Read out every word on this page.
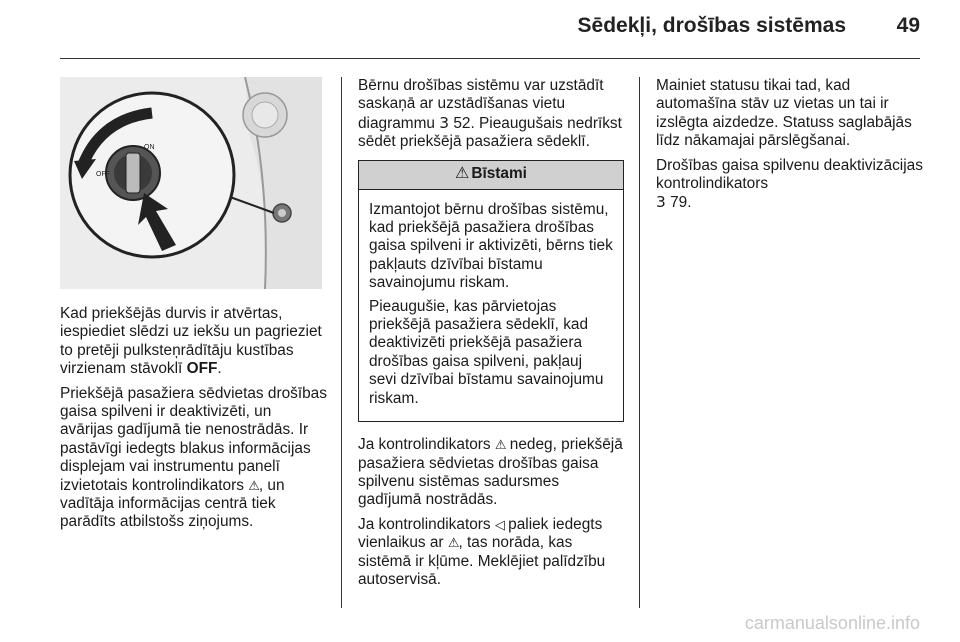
Sēdekļi, drošības sistēmas 49
ON
OFF

Kad priekšējās durvis ir atvērtas, iespiediet slēdzi uz iekšu un pagrieziet to pretēji pulksteņrādītāju kustības virzienam stāvoklī OFF.

Priekšējā pasažiera sēdvietas drošības gaisa spilveni ir deaktivizēti, un avārijas gadījumā tie nenostrādās. Ir pastāvīgi iedegts blakus informācijas displejam vai instrumentu panelī izvietotais kontrolindikators ⚠, un vadītāja informācijas centrā tiek parādīts atbilstošs ziņojums.

Bērnu drošības sistēmu var uzstādīt saskaņā ar uzstādīšanas vietu diagrammu 3 52. Pieaugušais nedrīkst sēdēt priekšējā pasažiera sēdeklī.

⚠ Bīstami

Izmantojot bērnu drošības sistēmu, kad priekšējā pasažiera drošības gaisa spilveni ir aktivizēti, bērns tiek pakļauts dzīvībai bīstamu savainojumu riskam.

Pieaugušie, kas pārvietojas priekšējā pasažiera sēdeklī, kad deaktivizēti priekšējā pasažiera drošības gaisa spilveni, pakļauj sevi dzīvībai bīstamu savainojumu riskam.

Ja kontrolindikators ⚠ nedeg, priekšējā pasažiera sēdvietas drošības gaisa spilvenu sistēmas sadursmes gadījumā nostrādās.

Ja kontrolindikators ◁ paliek iedegts vienlaikus ar ⚠, tas norāda, kas sistēmā ir kļūme. Meklējiet palīdzību autoservisā.

Mainiet statusu tikai tad, kad automašīna stāv uz vietas un tai ir izslēgta aizdedze. Statuss saglabājās līdz nākamajai pārslēgšanai.

Drošības gaisa spilvenu deaktivizācijas kontrolindikators
3 79.

carmanualsonline.info
